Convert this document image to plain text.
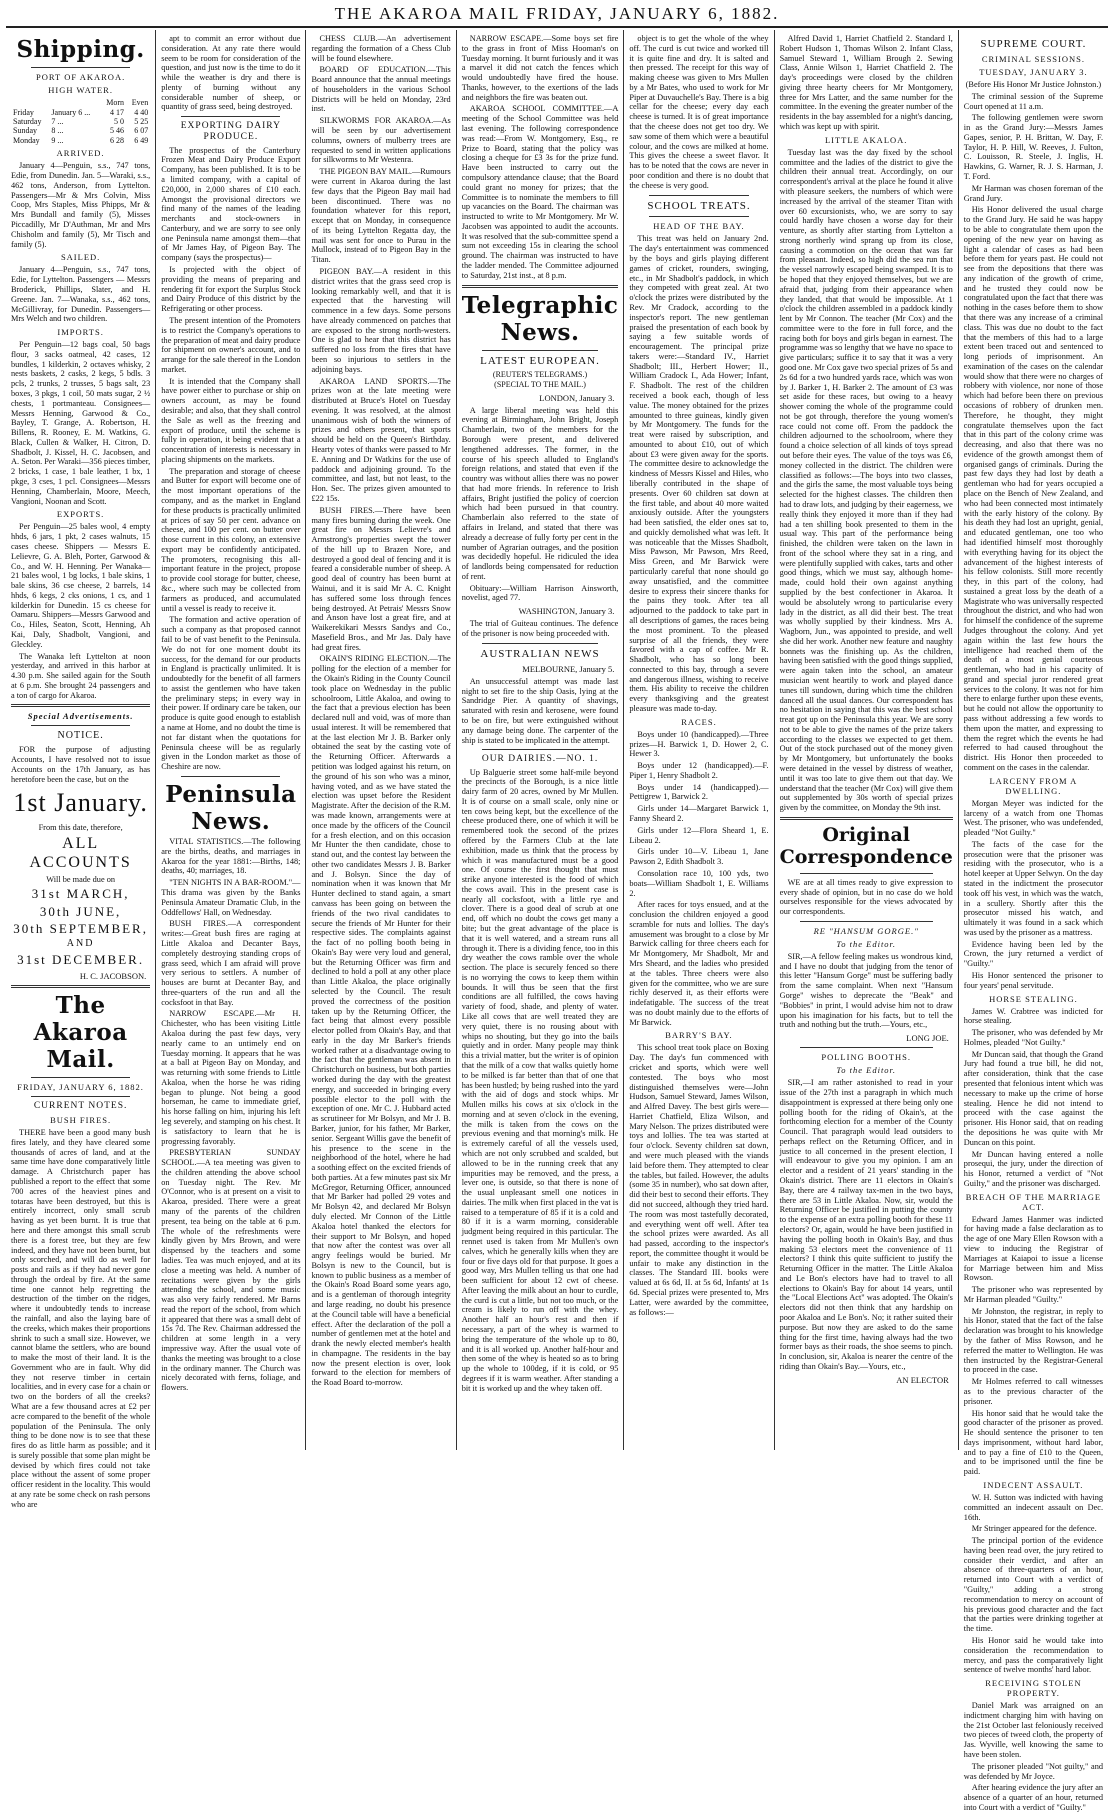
THE AKAROA MAIL FRIDAY, JANUARY 6, 1882.
Shipping.
PORT OF AKAROA.
HIGH WATER.
		Morn	Even
Friday	January 6 ...	4 17	4 40
Saturday	7 ...	5 0	5 25
Sunday	8 ...	5 46	6 07
Monday	9 ...	6 28	6 49
ARRIVED.

January 4—Penguin, s.s., 747 tons, Edie, from Dunedin. Jan. 5—Waraki, s.s., 462 tons, Anderson, from Lyttelton. Passengers—Mr & Mrs Colvin, Miss Coop, Mrs Staples, Miss Phipps, Mr & Mrs Bundall and family (5), Misses Piccadilly, Mr D'Authman, Mr and Mrs Chisholm and family (5), Mr Tisch and family (5).

SAILED.

January 4—Penguin, s.s., 747 tons, Edie, for Lyttelton. Passengers — Messrs Broderick, Phillips, Slater, and H. Greene. Jan. 7—Wanaka, s.s., 462 tons, McGillivray, for Dunedin. Passengers—Mrs Welch and two children.

IMPORTS.

Per Penguin—12 bags coal, 50 bags flour, 3 sacks oatmeal, 42 cases, 12 bundles, 1 kilderkin, 2 octaves whisky, 2 nests baskets, 2 casks, 2 kegs, 5 bdls. 3 pcls, 2 trunks, 2 trusses, 5 bags salt, 23 boxes, 3 pkgs, 1 coil, 50 mats sugar, 2 ½ chests, 1 portmanteau. Consignees—Messrs Henning, Garwood & Co., Bayley, T. Grange, A. Robertson, H. Billens, R. Rooney, E. M. Watkins, G. Black, Cullen & Walker, H. Citron, D. Shadbolt, J. Kissel, H. C. Jacobsen, and A. Seton. Per Waraki—356 pieces timber, 2 bricks, 1 case, 1 bale leather, 1 bx, 1 pkge, 3 cses, 1 pcl. Consignees—Messrs Henning, Chamberlain, Moore, Meech, Vangioni, Noonan and Scott.

EXPORTS.

Per Penguin—25 bales wool, 4 empty hhds, 6 jars, 1 pkt, 2 cases walnuts, 15 cases cheese. Shippers — Messrs E. Lelievre, G. A. Bleh, Porter, Garwood & Co., and W. H. Henning. Per Wanaka—21 bales wool, 1 bg locks, 1 bale skins, 1 bale skins, 36 cse cheese, 2 barrels, 14 hhds, 6 kegs, 2 cks onions, 1 cs, and 1 kilderkin for Dunedin. 15 cs cheese for Oamaru. Shippers—Messrs Garwood and Co., Hiles, Seaton, Scott, Henning, Ah Kai, Daly, Shadbolt, Vangioni, and Gleckley.

The Wanaka left Lyttelton at noon yesterday, and arrived in this harbor at 4.30 p.m. She sailed again for the South at 6 p.m. She brought 24 passengers and a ton of cargo for Akaroa.

Special Advertisements.
NOTICE.

FOR the purpose of adjusting Accounts, I have resolved not to issue Accounts on the 17th January, as has heretofore been the case, but on the

1st January.

From this date, therefore,

ALL ACCOUNTS

Will be made due on

31st MARCH,
30th JUNE,
30th SEPTEMBER,
AND
31st DECEMBER.

H. C. JACOBSON.

The Akaroa Mail.
FRIDAY, JANUARY 6, 1882.
CURRENT NOTES.
BUSH FIRES.

THERE have been a good many bush fires lately, and they have cleared some thousands of acres of land, and at the same time have done comparatively little damage. A Christchurch paper has published a report to the effect that some 700 acres of the heaviest pines and totaras have been destroyed, but this is entirely incorrect, only small scrub having as yet been burnt. It is true that here and there amongst this small scrub there is a forest tree, but they are few indeed, and they have not been burnt, but only scorched, and will do as well for posts and rails as if they had never gone through the ordeal by fire. At the same time one cannot help regretting the destruction of the timber on the ridges, where it undoubtedly tends to increase the rainfall, and also the laying bare of the creeks, which makes their proportions shrink to such a small size. However, we cannot blame the settlers, who are bound to make the most of their land. It is the Government who are in fault. Why did they not reserve timber in certain localities, and in every case for a chain or two on the borders of all the creeks? What are a few thousand acres at £2 per acre compared to the benefit of the whole population of the Peninsula. The only thing to be done now is to see that these fires do as little harm as possible; and it is surely possible that some plan might be devised by which fires could not take place without the assent of some proper officer resident in the locality. This would at any rate be some check on rash persons who are

apt to commit an error without due consideration. At any rate there would seem to be room for consideration of the question, and just now is the time to do it while the weather is dry and there is plenty of burning without any considerable number of sheep, or quantity of grass seed, being destroyed.

EXPORTING DAIRY PRODUCE.

The prospectus of the Canterbury Frozen Meat and Dairy Produce Export Company, has been published. It is to be a limited company, with a capital of £20,000, in 2,000 shares of £10 each. Amongst the provisional directors we find many of the names of the leading merchants and stock-owners in Canterbury, and we are sorry to see only one Peninsula name amongst them—that of Mr James Hay, of Pigeon Bay. The company (says the prospectus)—

Is projected with the object of providing the means of preparing and rendering fit for export the Surplus Stock and Dairy Produce of this district by the Refrigerating or other process.

The present intention of the Promoters is to restrict the Company's operations to the preparation of meat and dairy produce for shipment on owner's account, and to arrange for the sale thereof in the London market.

It is intended that the Company shall have power either to purchase or ship on owners account, as may be found desirable; and also, that they shall control the Sale as well as the freezing and export of produce, until the scheme is fully in operation, it being evident that a concentration of interests is necessary in placing shipments on the markets.

The preparation and storage of cheese and Butter for export will become one of the most important operations of the company, and as the market in England for these products is practically unlimited at prices of say 50 per cent. advance on cheese, and 100 per cent. on butter over those current in this colony, an extensive export may be confidently anticipated. The promoters, recognising this all-important feature in the project, propose to provide cool storage for butter, cheese, &c., where such may be collected from farmers as produced, and accumulated until a vessel is ready to receive it.

The formation and active operation of such a company as that proposed cannot fail to be of vast benefit to the Peninsula. We do not for one moment doubt its success, for the demand for our products in England is practically unlimited. It is undoubtedly for the benefit of all farmers to assist the gentlemen who have taken the preliminary steps; in every way in their power. If ordinary care be taken, our produce is quite good enough to establish a name at Home, and no doubt the time is not far distant when the quotations for Peninsula cheese will be as regularly given in the London market as those of Cheshire are now.

Peninsula News.

VITAL STATISTICS.—The following are the births, deaths, and marriages in Akaroa for the year 1881:—Births, 148; deaths, 40; marriages, 18.

"TEN NIGHTS IN A BAR-ROOM."—This drama was given by the Banks Peninsula Amateur Dramatic Club, in the Oddfellows' Hall, on Wednesday.

BUSH FIRES.—A correspondent writes:—Great bush fires are raging at Little Akaloa and Decanter Bays, completely destroying standing crops of grass seed, which I am afraid will prove very serious to settlers. A number of houses are burnt at Decanter Bay, and three-quarters of the run and all the cocksfoot in that Bay.

NARROW ESCAPE.—Mr H. Chichester, who has been visiting Little Akaloa during the past few days, very nearly came to an untimely end on Tuesday morning. It appears that he was at a ball at Pigeon Bay on Monday, and was returning with some friends to Little Akaloa, when the horse he was riding began to plunge. Not being a good horseman, he came to immediate grief, his horse falling on him, injuring his left leg severely, and stamping on his chest. It is satisfactory to learn that he is progressing favorably.

PRESBYTERIAN SUNDAY SCHOOL.—A tea meeting was given to the children attending the above school on Tuesday night. The Rev. Mr O'Connor, who is at present on a visit to Akaroa, presided. There were a great many of the parents of the children present, tea being on the table at 6 p.m. The whole of the refreshments were kindly given by Mrs Brown, and were dispensed by the teachers and some ladies. Tea was much enjoyed, and at its close a meeting was held. A number of recitations were given by the girls attending the school, and some music was also very fairly rendered. Mr Barns read the report of the school, from which it appeared that there was a small debt of 15s 7d. The Rev. Chairman addressed the children at some length in a very impressive way. After the usual vote of thanks the meeting was brought to a close in the ordinary manner. The Church was nicely decorated with ferns, foliage, and flowers.

CHESS CLUB.—An advertisement regarding the formation of a Chess Club will be found elsewhere.

BOARD OF EDUCATION.—This Board announce that the annual meetings of householders in the various School Districts will be held on Monday, 23rd inst.

SILKWORMS FOR AKAROA.—As will be seen by our advertisement columns, owners of mulberry trees are requested to send in written applications for silkworms to Mr Westenra.

THE PIGEON BAY MAIL.—Rumours were current in Akaroa during the last few days that the Pigeon Bay mail had been discontinued. There was no foundation whatever for this report, except that on Monday, in consequence of its being Lyttelton Regatta day, the mail was sent for once to Purau in the Mullock, instead of to Pigeon Bay in the Titan.

PIGEON BAY.—A resident in this district writes that the grass seed crop is looking remarkably well, and that it is expected that the harvesting will commence in a few days. Some persons have already commenced on patches that are exposed to the strong north-westers. One is glad to hear that this district has suffered no loss from the fires that have been so injurious to settlers in the adjoining bays.

AKAROA LAND SPORTS.—The prizes won at the late meeting were distributed at Bruce's Hotel on Tuesday evening. It was resolved, at the almost unanimous wish of both the winners of prizes and others present, that sports should be held on the Queen's Birthday. Hearty votes of thanks were passed to Mr E. Anning and Dr Watkins for the use of paddock and adjoining ground. To the committee, and last, but not least, to the Hon. Sec. The prizes given amounted to £22 15s.

BUSH FIRES.—There have been many fires burning during the week. One great fire on Messrs Lelievre's and Armstrong's properties swept the tower of the hill up to Brazen Nore, and destroyed a good deal of fencing and it is feared a considerable number of sheep. A good deal of country has been burnt at Wainui, and it is said Mr A. C. Knight has suffered some loss through fences being destroyed. At Petrais' Messrs Snow and Anson have lost a great fire, and at Waikerekikari Messrs Sandys and Co., Masefield Bros., and Mr Jas. Daly have had great fires.

OKAIN'S RIDING ELECTION.—The polling for the election of a member for the Okain's Riding in the County Council took place on Wednesday in the public schoolroom, Little Akaloa, and owing to the fact that a previous election has been declared null and void, was of more than usual interest. It will be remembered that at the last election Mr J. B. Barker only obtained the seat by the casting vote of the Returning Officer. Afterwards a petition was lodged against his return, on the ground of his son who was a minor, having voted, and as we have stated the election was upset before the Resident Magistrate. After the decision of the R.M. was made known, arrangements were at once made by the officers of the Council for a fresh election, and on this occasion Mr Hunter the then candidate, chose to stand out, and the contest lay between the other two candidates Messrs J. B. Barker and J. Bolsyn. Since the day of nomination when it was known that Mr Hunter declined to stand again, a smart canvass has been going on between the friends of the two rival candidates to secure the friends of Mr Hunter for their respective sides. The complaints against the fact of no polling booth being in Okain's Bay were very loud and general, but the Returning Officer was firm and declined to hold a poll at any other place than Little Akaloa, the place originally selected by the Council. The result proved the correctness of the position taken up by the Returning Officer, the fact being that almost every possible elector polled from Okain's Bay, and that early in the day Mr Barker's friends worked rather at a disadvantage owing to the fact that the gentleman was absent in Christchurch on business, but both parties worked during the day with the greatest energy, and succeeded in bringing every possible elector to the poll with the exception of one. Mr C. J. Hubbard acted as scrutineer for Mr Bolsyn, and Mr J. B. Barker, junior, for his father, Mr Barker, senior. Sergeant Willis gave the benefit of his presence to the scene in the neighborhood of the hotel, where he had a soothing effect on the excited friends of both parties. At a few minutes past six Mr McGregor, Returning Officer, announced that Mr Barker had polled 29 votes and Mr Bolsyn 42, and declared Mr Bolsyn duly elected. Mr Connon of the Little Akaloa hotel thanked the electors for their support to Mr Bolsyn, and hoped that now after the contest was over all angry feelings would be buried. Mr Bolsyn is new to the Council, but is known to public business as a member of the Okain's Road Board some years ago, and is a gentleman of thorough integrity and large reading, no doubt his presence at the Council table will have a beneficial effect. After the declaration of the poll a number of gentlemen met at the hotel and drank the newly elected member's health in champagne. The residents in the bay now the present election is over, look forward to the election for members of the Road Board to-morrow.

NARROW ESCAPE.—Some boys set fire to the grass in front of Miss Hooman's on Tuesday morning. It burnt furiously and it was a marvel it did not catch the fences which would undoubtedly have fired the house. Thanks, however, to the exertions of the lads and neighbors the fire was beaten out.

AKAROA SCHOOL COMMITTEE.—A meeting of the School Committee was held last evening. The following correspondence was read:—From W. Montgomery, Esq., re Prize to Board, stating that the policy was closing a cheque for £3 3s for the prize fund. Have been instructed to carry out the compulsory attendance clause; that the Board could grant no money for prizes; that the Committee is to nominate the members to fill up vacancies on the Board. The chairman was instructed to write to Mr Montgomery. Mr W. Jacobsen was appointed to audit the accounts. It was resolved that the sub-committee spend a sum not exceeding 15s in clearing the school ground. The chairman was instructed to have the ladder mended. The Committee adjourned to Saturday, 21st inst., at 8 p.m.

Telegraphic News.
LATEST EUROPEAN.
(REUTER'S TELEGRAMS.)
(SPECIAL TO THE MAIL.)

LONDON, January 3.

A large liberal meeting was held this evening at Birmingham, John Bright, Joseph Chamberlain, two of the members for the Borough were present, and delivered lengthened addresses. The former, in the course of his speech alluded to England's foreign relations, and stated that even if the country was without allies there was no power that had more friends. In reference to Irish affairs, Bright justified the policy of coercion which had been pursued in that country. Chamberlain also referred to the state of affairs in Ireland, and stated that there was already a decrease of fully forty per cent in the number of Agrarian outrages, and the position was decidedly hopeful. He ridiculed the idea of landlords being compensated for reduction of rent.

Obituary:—William Harrison Ainsworth, novelist, aged 77.

WASHINGTON, January 3.

The trial of Guiteau continues. The defence of the prisoner is now being proceeded with.

AUSTRALIAN NEWS

MELBOURNE, January 5.

An unsuccessful attempt was made last night to set fire to the ship Oasis, lying at the Sandridge Pier. A quantity of shavings, saturated with resin and kerosene, were found to be on fire, but were extinguished without any damage being done. The carpenter of the ship is stated to be implicated in the attempt.

OUR DAIRIES.—NO. 1.

Up Balguerie street some half-mile beyond the precincts of the Borough, is a nice little dairy farm of 20 acres, owned by Mr Mullen. It is of course on a small scale, only nine or ten cows being kept, but the excellence of the cheese produced there, one of which it will be remembered took the second of the prizes offered by the Farmers Club at the late exhibition, made us think that the process by which it was manufactured must be a good one. Of course the first thought that must strike anyone interested is the food of which the cows avail. This in the present case is nearly all cocksfoot, with a little rye and clover. There is a good deal of scrub at one end, off which no doubt the cows get many a bite; but the great advantage of the place is that it is well watered, and a stream runs all through it. There is a dividing fence, too in this dry weather the cows ramble over the whole section. The place is securely fenced so there is no worrying the cows to keep them within bounds. It will thus be seen that the first conditions are all fulfilled, the cows having variety of food, shade, and plenty of water. Like all cows that are well treated they are very quiet, there is no rousing about with whips no shouting, but they go into the bails quietly and in order. Many people may think this a trivial matter, but the writer is of opinion that the milk of a cow that walks quietly home to be milked is far better than that of one that has been hustled; by being rushed into the yard with the aid of dogs and stock whips. Mr Mullen milks his cows at six o'clock in the morning and at seven o'clock in the evening, the milk is taken from the cows on the previous evening and that morning's milk. He is extremely careful of all the vessels used, which are not only scrubbed and scalded, but allowed to be in the running creek that any impurities may be removed, and the press, a lever one, is outside, so that there is none of the usual unpleasant smell one notices in dairies. The milk when first placed in the vat is raised to a temperature of 85 if it is a cold and 80 if it is a warm morning, considerable judgment being required in this particular. The rennet used is taken from Mr Mullen's own calves, which he generally kills when they are four or five days old for that purpose. It goes a good way, Mrs Mullen telling us that one had been sufficient for about 12 cwt of cheese. After leaving the milk about an hour to curdle, the curd is cut a little, but not too much, or the cream is likely to run off with the whey. Another half an hour's rest and then if necessary, a part of the whey is warmed to bring the temperature of the whole up to 80, and it is all worked up. Another half-hour and then some of the whey is heated so as to bring up the whole to 100deg, if it is cold, or 95 degrees if it is warm weather. After standing a bit it is worked up and the whey taken off.

object is to get the whole of the whey off. The curd is cut twice and worked till it is quite fine and dry. It is salted and then pressed. The receipt for this way of making cheese was given to Mrs Mullen by a Mr Bates, who used to work for Mr Piper at Duvauchelle's Bay. There is a big cellar for the cheese; every day each cheese is turned. It is of great importance that the cheese does not get too dry. We saw some of them which were a beautiful colour, and the cows are milked at home. This gives the cheese a sweet flavor. It has to be noted that the cows are never in poor condition and there is no doubt that the cheese is very good.

SCHOOL TREATS.
HEAD OF THE BAY.

This treat was held on January 2nd. The day's entertainment was commenced by the boys and girls playing different games of cricket, rounders, swinging, etc., in Mr Shadbolt's paddock, in which they competed with great zeal. At two o'clock the prizes were distributed by the Rev. Mr Cradock, according to the inspector's report. The new gentleman praised the presentation of each book by saying a few suitable words of encouragement. The principal prize takers were:—Standard IV., Harriet Shadbolt; III., Herbert Hower; II., William Cradock I., Ada Hower; Infant, F. Shadbolt. The rest of the children received a book each, though of less value. The money obtained for the prizes amounted to three guineas, kindly given by Mr Montgomery. The funds for the treat were raised by subscription, and amounted to about £10, out of which about £3 were given away for the sports. The committee desire to acknowledge the kindness of Messrs Kissel and Hiles, who liberally contributed in the shape of presents. Over 60 children sat down at the first table, and about 40 more waited anxiously outside. After the youngsters had been satisfied, the elder ones sat to, and quickly demolished what was left. It was noticeable that the Misses Shadbolt, Miss Pawson, Mr Pawson, Mrs Reed, Miss Green, and Mr Barwick were particularly careful that none should go away unsatisfied, and the committee desire to express their sincere thanks for the pains they took. After tea all adjourned to the paddock to take part in all descriptions of games, the races being the most prominent. To the pleased surprise of all the friends, they were favored with a cap of coffee. Mr R. Shadbolt, who has so long been connected to this bay, through a severe and dangerous illness, wishing to receive them. His ability to receive the children every thanksgiving and the greatest pleasure was made to-day.

RACES.

Boys under 10 (handicapped).—Three prizes—H. Barwick 1, D. Hower 2, C. Hewer 3.

Boys under 12 (handicapped).—F. Piper 1, Henry Shadbolt 2.

Boys under 14 (handicapped).—Pettigrew 1, Barwick 2.

Girls under 14—Margaret Barwick 1, Fanny Sheard 2.

Girls under 12—Flora Sheard 1, E. Libeau 2.

Girls under 10—V. Libeau 1, Jane Pawson 2, Edith Shadbolt 3.

Consolation race 10, 100 yds, two boats—William Shadbolt 1, E. Williams 2.

After races for toys ensued, and at the conclusion the children enjoyed a good scramble for nuts and lollies. The day's amusement was brought to a close by Mr Barwick calling for three cheers each for Mr Montgomery, Mr Shadbolt, Mr and Mrs Sheard, and the ladies who presided at the tables. Three cheers were also given for the committee, who we are sure richly deserved it, as their efforts were indefatigable. The success of the treat was no doubt mainly due to the efforts of Mr Barwick.

BARRY'S BAY.

This school treat took place on Boxing Day. The day's fun commenced with cricket and sports, which were well contested. The boys who most distinguished themselves were—John Hudson, Samuel Steward, James Wilson, and Alfred Davey. The best girls were—Harriet Chatfield, Eliza Wilson, and Mary Nelson. The prizes distributed were toys and lollies. The tea was started at four o'clock. Seventy children sat down, and were much pleased with the viands laid before them. They attempted to clear the tables, but failed. However, the adults (some 35 in number), who sat down after, did their best to second their efforts. They did not succeed, although they tried hard. The room was most tastefully decorated, and everything went off well. After tea the school prizes were awarded. As all had passed, according to the inspector's report, the committee thought it would be unfair to make any distinction in the classes. The Standard III. books were valued at 6s 6d, II. at 5s 6d, Infants' at 1s 6d. Special prizes were presented to, Mrs Latter, were awarded by the committee, as follows:—

Alfred David 1, Harriet Chatfield 2. Standard I, Robert Hudson 1, Thomas Wilson 2. Infant Class, Samuel Steward 1, William Brough 2. Sewing Class, Annie Wilson 1, Harriet Chatfield 2. The day's proceedings were closed by the children giving three hearty cheers for Mr Montgomery, three for Mrs Latter, and the same number for the committee. In the evening the greater number of the residents in the bay assembled for a night's dancing, which was kept up with spirit.

LITTLE AKALOA.

Tuesday last was the day fixed by the school committee and the ladies of the district to give the children their annual treat. Accordingly, on our correspondent's arrival at the place he found it alive with pleasure seekers, the numbers of which were increased by the arrival of the steamer Titan with over 60 excursionists, who, we are sorry to say could hardly have chosen a worse day for their venture, as shortly after starting from Lyttelton a strong northerly wind sprang up from its close, causing a commotion on the ocean that was far from pleasant. Indeed, so high did the sea run that the vessel narrowly escaped being swamped. It is to be hoped that they enjoyed themselves, but we are afraid that, judging from their appearance when they landed, that that would be impossible. At 1 o'clock the children assembled in a paddock kindly lent by Mr Connon. The teacher (Mr Cox) and the committee were to the fore in full force, and the racing both for boys and girls began in earnest. The programme was so lengthy that we have no space to give particulars; suffice it to say that it was a very good one. Mr Cox gave two special prizes of 5s and 2s 6d for a two hundred yards race, which was won by J. Barker 1, H. Barker 2. The amount of £3 was set aside for these races, but owing to a heavy shower coming the whole of the programme could not be got through, therefore the young women's race could not come off. From the paddock the children adjourned to the schoolroom, where they found a choice selection of all kinds of toys spread out before their eyes. The value of the toys was £6, money collected in the district. The children were classified as follows:—The boys into two classes, and the girls the same, the most valuable toys being selected for the highest classes. The children then had to draw lots, and judging by their eagerness, we really think they enjoyed it more than if they had had a ten shilling book presented to them in the usual way. This part of the performance being finished, the children were taken on the lawn in front of the school where they sat in a ring, and were plentifully supplied with cakes, tarts and other good things, which we must say, although home-made, could hold their own against anything supplied by the best confectioner in Akaroa. It would be absolutely wrong to particularise every lady in the district, as all did their best. The treat was wholly supplied by their kindness. Mrs A. Wagborn, Jun., was appointed to preside, and well she did her work. Another new feature and naughty bonnets was the finishing up. As the children, having been satisfied with the good things supplied, were again taken into the school, an amateur musician went heartily to work and played dance tunes till sundown, during which time the children danced all the usual dances. Our correspondent has no hesitation in saying that this was the best school treat got up on the Peninsula this year. We are sorry not to be able to give the names of the prize takers according to the classes we expected to get them. Out of the stock purchased out of the money given by Mr Montgomery, but unfortunately the books were detained in the vessel by distress of weather, until it was too late to give them out that day. We understand that the teacher (Mr Cox) will give them out supplemented by 30s worth of special prizes given by the committee, on Monday the 9th inst.

Original Correspondence

WE are at all times ready to give expression to every shade of opinion, but in no case do we hold ourselves responsible for the views advocated by our correspondents.

RE "HANSUM GORGE."
To the Editor.

SIR,—A fellow feeling makes us wondrous kind, and I have no doubt that judging from the tenor of this letter "Hansum Gorge" must be suffering badly from the same complaint. When next "Hansum Gorge" wishes to deprecate the "Beak" and "Bobbies" in print, I would advise him not to draw upon his imagination for his facts, but to tell the truth and nothing but the truth.—Yours, etc.,

LONG JOE.

POLLING BOOTHS.
To the Editor.

SIR,—I am rather astonished to read in your issue of the 27th inst a paragraph in which much disappointment is expressed at there being only one polling booth for the riding of Okain's, at the forthcoming election for a member of the County Council. That paragraph would lead outsiders to perhaps reflect on the Returning Officer, and in justice to all concerned in the present election, I will endeavour to give you my opinion. I am an elector and a resident of 21 years' standing in the Okain's district. There are 11 electors in Okain's Bay, there are 4 railway tax-men in the two bays, there are 53 in Little Akaloa. Now, sir, would the Returning Officer be justified in putting the county to the expense of an extra polling booth for these 11 electors? Or, again, would he have been justified in having the polling booth in Okain's Bay, and thus making 53 electors meet the convenience of 11 electors? I think this quite sufficient to justify the Returning Officer in the matter. The Little Akaloa and Le Bon's electors have had to travel to all elections to Okain's Bay for about 14 years, until the "Local Elections Act" was adopted. The Okain's electors did not then think that any hardship on poor Akaloa and Le Bon's. No; it rather suited their purpose. But now they are asked to do the same thing for the first time, having always had the two former bays as their roads, the shoe seems to pinch. In conclusion, sir, Akaloa is nearer the centre of the riding than Okain's Bay.—Yours, etc.,

AN ELECTOR

SUPREME COURT.
CRIMINAL SESSIONS.
TUESDAY, JANUARY 3.

(Before His Honor Mr Justice Johnston.)

The criminal session of the Supreme Court opened at 11 a.m.

The following gentlemen were sworn in as the Grand Jury:—Messrs James Gapes, senior, P. H. Brittan, W. Day, F. Taylor, H. P. Hill, W. Reeves, J. Fulton, C. Louisson, R. Steele, J. Inglis, H. Hawkins, G. Warner, R. J. S. Harman, J. T. Ford.

Mr Harman was chosen foreman of the Grand Jury.

His Honor delivered the usual charge to the Grand Jury. He said he was happy to be able to congratulate them upon the opening of the new year on having as light a calendar of cases as had been before them for years past. He could not see from the depositions that there was any indication of the growth of crime, and he trusted they could now be congratulated upon the fact that there was nothing in the cases before them to show that there was any increase of a criminal class. This was due no doubt to the fact that the members of this had to a large extent been traced out and sentenced to long periods of imprisonment. An examination of the cases on the calendar would show that there were no charges of robbery with violence, nor none of those which had before been there on previous occasions of robbery of drunken men. Therefore, he thought, they might congratulate themselves upon the fact that in this part of the colony crime was decreasing, and also that there was no evidence of the growth amongst them of organised gangs of criminals. During the past few days they had lost by death a gentleman who had for years occupied a place on the Bench of New Zealand, and who had been connected most intimately with the early history of the colony. By his death they had lost an upright, genial, and educated gentleman, one too who had identified himself most thoroughly with everything having for its object the advancement of the highest interests of his fellow colonists. Still more recently they, in this part of the colony, had sustained a great loss by the death of a Magistrate who was universally respected throughout the district, and who had won for himself the confidence of the supreme Judges throughout the colony. And yet again within the last few hours the intelligence had reached them of the death of a most genial courteous gentleman, who had in his capacity of grand and special juror rendered great services to the colony. It was not for him there to enlarge further upon these events, but he could not allow the opportunity to pass without addressing a few words to them upon the matter, and expressing to them the regret which the events he had referred to had caused throughout the district. His Honor then proceeded to comment on the cases in the calendar.

LARCENY FROM A DWELLING.

Morgan Meyer was indicted for the larceny of a watch from one Thomas West. The prisoner, who was undefended, pleaded "Not Guilty."

The facts of the case for the prosecution were that the prisoner was residing with the prosecutor, who is a hotel keeper at Upper Selwyn. On the day stated in the indictment the prosecutor took off his vest, in which was the watch, in a scullery. Shortly after this the prosecutor missed his watch, and ultimately it was found in a sack which was used by the prisoner as a mattress.

Evidence having been led by the Crown, the jury returned a verdict of "Guilty."

His Honor sentenced the prisoner to four years' penal servitude.

HORSE STEALING.

James W. Crabtree was indicted for horse stealing.

The prisoner, who was defended by Mr Holmes, pleaded "Not Guilty."

Mr Duncan said, that though the Grand Jury had found a true bill, he did not, after consideration, think that the case presented that felonious intent which was necessary to make up the crime of horse stealing. Hence he did not intend to proceed with the case against the prisoner. His Honor said, that on reading the depositions he was quite with Mr Duncan on this point.

Mr Duncan having entered a nolle prosequi, the jury, under the direction of his Honor, returned a verdict of "Not Guilty," and the prisoner was discharged.

BREACH OF THE MARRIAGE ACT.

Edward James Hanmer was indicted for having made a false declaration as to the age of one Mary Ellen Rowson with a view to inducing the Registrar of Marriages at Kaiapoi to issue a license for Marriage between him and Miss Rowson.

The prisoner who was represented by Mr Harman pleaded "Guilty."

Mr Johnston, the registrar, in reply to his Honor, stated that the fact of the false declaration was brought to his knowledge by the father of Miss Rowson, and he referred the matter to Wellington. He was then instructed by the Registrar-General to proceed in the case.

Mr Holmes referred to call witnesses as to the previous character of the prisoner.

His honor said that he would take the good character of the prisoner as proved. He should sentence the prisoner to ten days imprisonment, without hard labor, and to pay a fine of £10 to the Queen, and to be imprisoned until the fine be paid.

INDECENT ASSAULT.

W. H. Sutton was indicted with having committed an indecent assault on Dec. 16th.

Mr Stringer appeared for the defence.

The principal portion of the evidence having been read over, the jury retired to consider their verdict, and after an absence of three-quarters of an hour, returned into Court with a verdict of "Guilty," adding a strong recommendation to mercy on account of his previous good character and the fact that the parties were drinking together at the time.

His Honor said he would take into consideration the recommendation to mercy, and pass the comparatively light sentence of twelve months' hard labor.

RECEIVING STOLEN PROPERTY.

Daniel Mark was arraigned on an indictment charging him with having on the 21st October last feloniously received two pieces of tweed cloth, the property of Jas. Wyville, well knowing the same to have been stolen.

The prisoner pleaded "Not guilty," and was defended by Mr Joyce.

After hearing evidence the jury after an absence of a quarter of an hour, returned into Court with a verdict of "Guilty."
